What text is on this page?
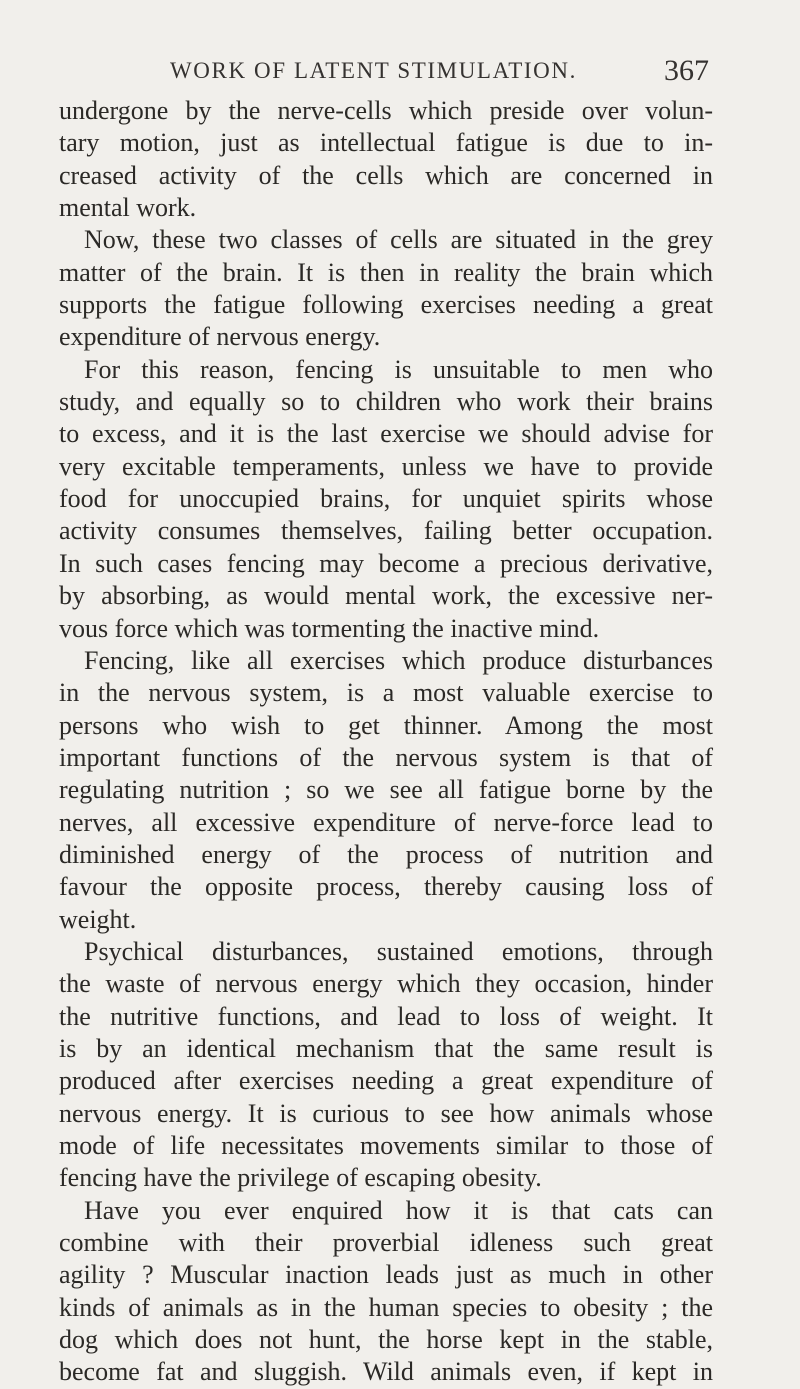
WORK OF LATENT STIMULATION.	367
undergone by the nerve-cells which preside over volun-
tary motion, just as intellectual fatigue is due to in-
creased activity of the cells which are concerned in
mental work.
Now, these two classes of cells are situated in the grey
matter of the brain. It is then in reality the brain which
supports the fatigue following exercises needing a great
expenditure of nervous energy.
For this reason, fencing is unsuitable to men who
study, and equally so to children who work their brains
to excess, and it is the last exercise we should advise for
very excitable temperaments, unless we have to provide
food for unoccupied brains, for unquiet spirits whose
activity consumes themselves, failing better occupation.
In such cases fencing may become a precious derivative,
by absorbing, as would mental work, the excessive ner-
vous force which was tormenting the inactive mind.
Fencing, like all exercises which produce disturbances
in the nervous system, is a most valuable exercise to
persons who wish to get thinner. Among the most
important functions of the nervous system is that of
regulating nutrition ; so we see all fatigue borne by the
nerves, all excessive expenditure of nerve-force lead to
diminished energy of the process of nutrition and
favour the opposite process, thereby causing loss of
weight.
Psychical disturbances, sustained emotions, through
the waste of nervous energy which they occasion, hinder
the nutritive functions, and lead to loss of weight. It
is by an identical mechanism that the same result is
produced after exercises needing a great expenditure of
nervous energy. It is curious to see how animals whose
mode of life necessitates movements similar to those of
fencing have the privilege of escaping obesity.
Have you ever enquired how it is that cats can
combine with their proverbial idleness such great
agility ? Muscular inaction leads just as much in other
kinds of animals as in the human species to obesity ; the
dog which does not hunt, the horse kept in the stable,
become fat and sluggish. Wild animals even, if kept in
